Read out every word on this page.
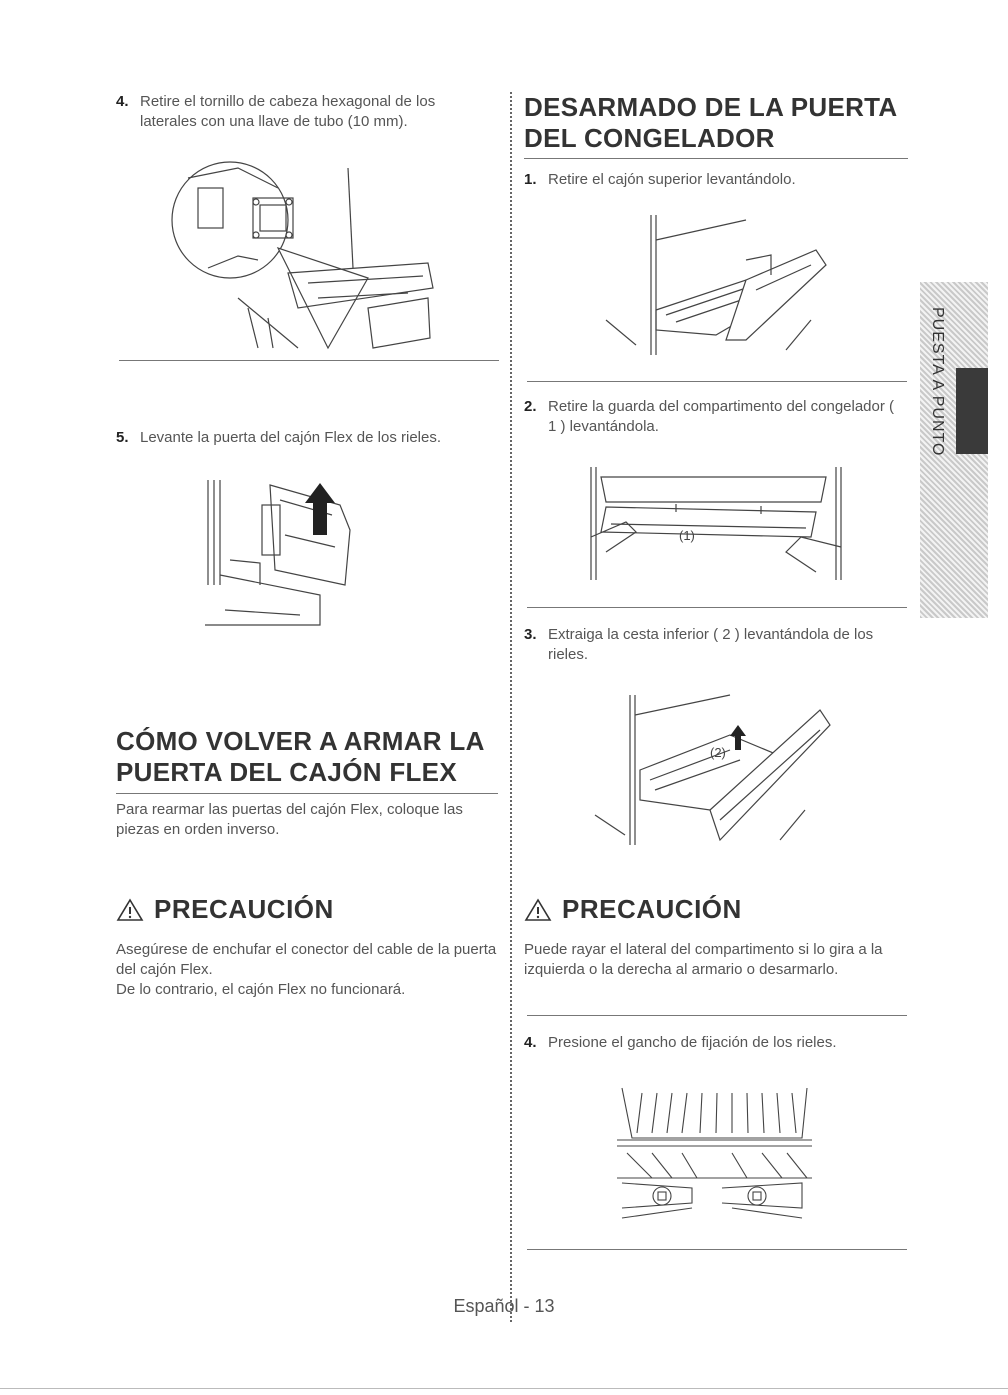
4. Retire el tornillo de cabeza hexagonal de los laterales con una llave de tubo (10 mm).
5. Levante la puerta del cajón Flex de los rieles.
CÓMO VOLVER A ARMAR LA
PUERTA DEL CAJÓN FLEX
Para rearmar las puertas del cajón Flex, coloque las piezas en orden inverso.
PRECAUCIÓN
Asegúrese de enchufar el conector del cable de la puerta del cajón Flex.
De lo contrario, el cajón Flex no funcionará.
DESARMADO DE LA PUERTA
DEL CONGELADOR
1. Retire el cajón superior levantándolo.
2. Retire la guarda del compartimento del congelador ( 1 ) levantándola.
(1)
3. Extraiga la cesta inferior ( 2 ) levantándola de los rieles.
(2)
PRECAUCIÓN
Puede rayar el lateral del compartimento si lo gira a la izquierda o la derecha al armario o desarmarlo.
4. Presione el gancho de fijación de los rieles.
PUESTA A PUNTO
Español - 13
